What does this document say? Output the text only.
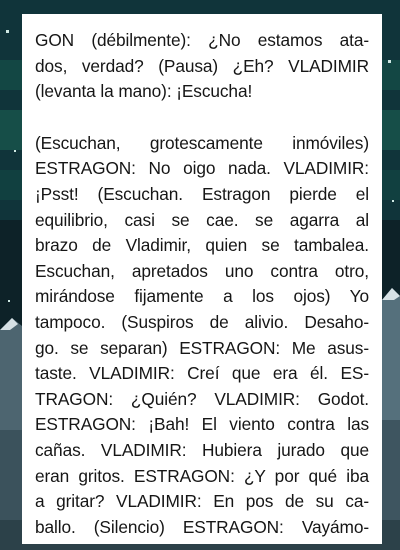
GON (débilmente): ¿No estamos ata-
dos, verdad? (Pausa) ¿Eh? VLADIMIR
(levanta la mano): ¡Escucha!

(Escuchan, grotescamente inmóviles)
ESTRAGON: No oigo nada. VLADIMIR:
¡Psst! (Escuchan. Estragon pierde el
equilibrio, casi se cae. se agarra al
brazo de Vladimir, quien se tambalea.
Escuchan, apretados uno contra otro,
mirándose fijamente a los ojos) Yo
tampoco. (Suspiros de alivio. Desaho-
go. se separan) ESTRAGON: Me asus-
taste. VLADIMIR: Creí que era él. ES-
TRAGON: ¿Quién? VLADIMIR: Godot.
ESTRAGON: ¡Bah! El viento contra las
cañas. VLADIMIR: Hubiera jurado que
eran gritos. ESTRAGON: ¿Y por qué iba
a gritar? VLADIMIR: En pos de su ca-
ballo. (Silencio) ESTRAGON: Vayámo-
